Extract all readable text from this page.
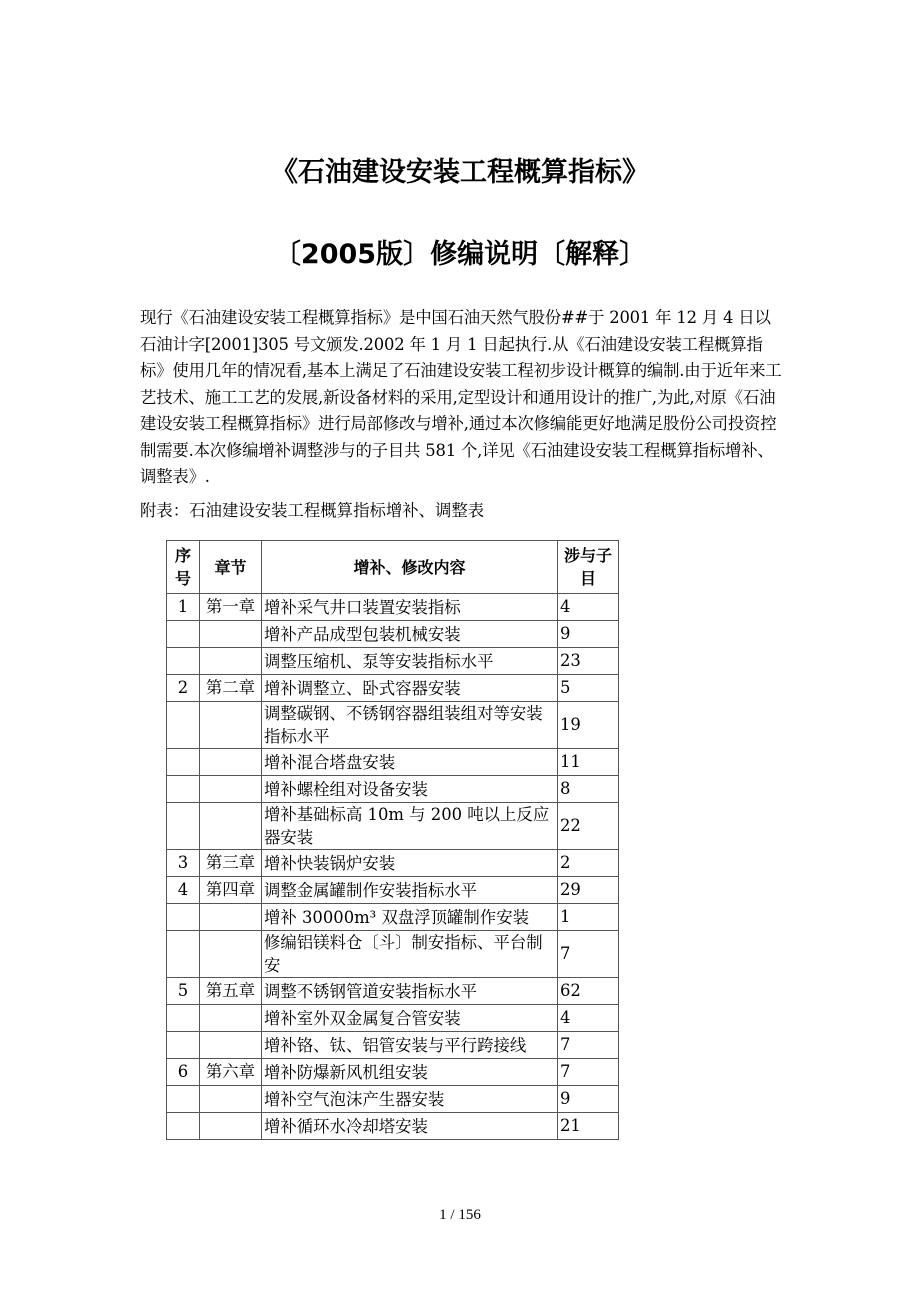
《石油建设安装工程概算指标》
〔2005版〕修编说明〔解释〕

现行《石油建设安装工程概算指标》是中国石油天然气股份##于 2001 年 12 月 4 日以石油计字[2001]305 号文颁发.2002 年 1 月 1 日起执行.从《石油建设安装工程概算指标》使用几年的情况看,基本上满足了石油建设安装工程初步设计概算的编制.由于近年来工艺技术、施工工艺的发展,新设备材料的采用,定型设计和通用设计的推广,为此,对原《石油建设安装工程概算指标》进行局部修改与增补,通过本次修编能更好地满足股份公司投资控制需要.本次修编增补调整涉与的子目共 581 个,详见《石油建设安装工程概算指标增补、调整表》.

附表：石油建设安装工程概算指标增补、调整表
序号	章节	增补、修改内容	涉与子目
1	第一章	增补采气井口装置安装指标	4
		增补产品成型包装机械安装	9
		调整压缩机、泵等安装指标水平	23
2	第二章	增补调整立、卧式容器安装	5
		调整碳钢、不锈钢容器组装组对等安装指标水平	19
		增补混合塔盘安装	11
		增补螺栓组对设备安装	8
		增补基础标高 10m 与 200 吨以上反应器安装	22
3	第三章	增补快装锅炉安装	2
4	第四章	调整金属罐制作安装指标水平	29
		增补 30000m³ 双盘浮顶罐制作安装	1
		修编铝镁料仓〔斗〕制安指标、平台制安	7
5	第五章	调整不锈钢管道安装指标水平	62
		增补室外双金属复合管安装	4
		增补铬、钛、铝管安装与平行跨接线	7
6	第六章	增补防爆新风机组安装	7
		增补空气泡沫产生器安装	9
		增补循环水冷却塔安装	21
1 / 156
